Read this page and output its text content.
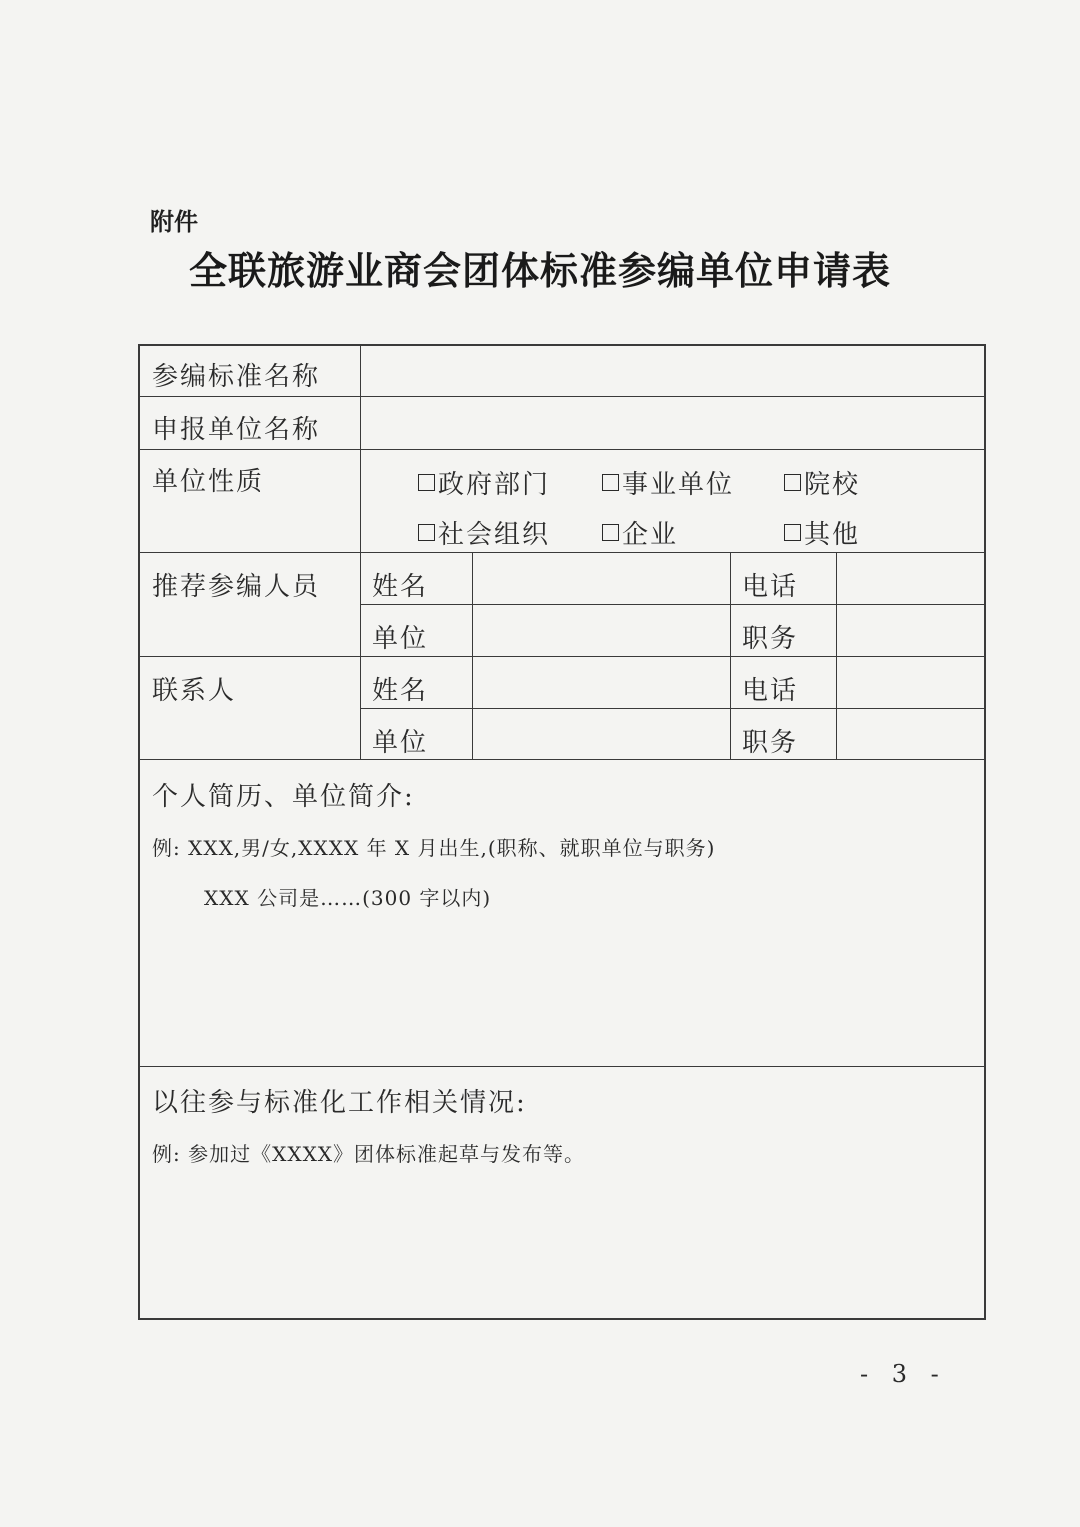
附件
全联旅游业商会团体标准参编单位申请表
参编标准名称
申报单位名称
单位性质	政府部门	事业单位	院校
社会组织	企业	其他
推荐参编人员 姓名	电话
单位	职务
联系人	姓名	电话
单位	职务
个人简历、单位简介:
例: XXX,男/女,XXXX 年 X 月出生,(职称、就职单位与职务)
XXX 公司是……(300 字以内)
以往参与标准化工作相关情况:
例: 参加过《XXXX》团体标准起草与发布等。
- 3 -
